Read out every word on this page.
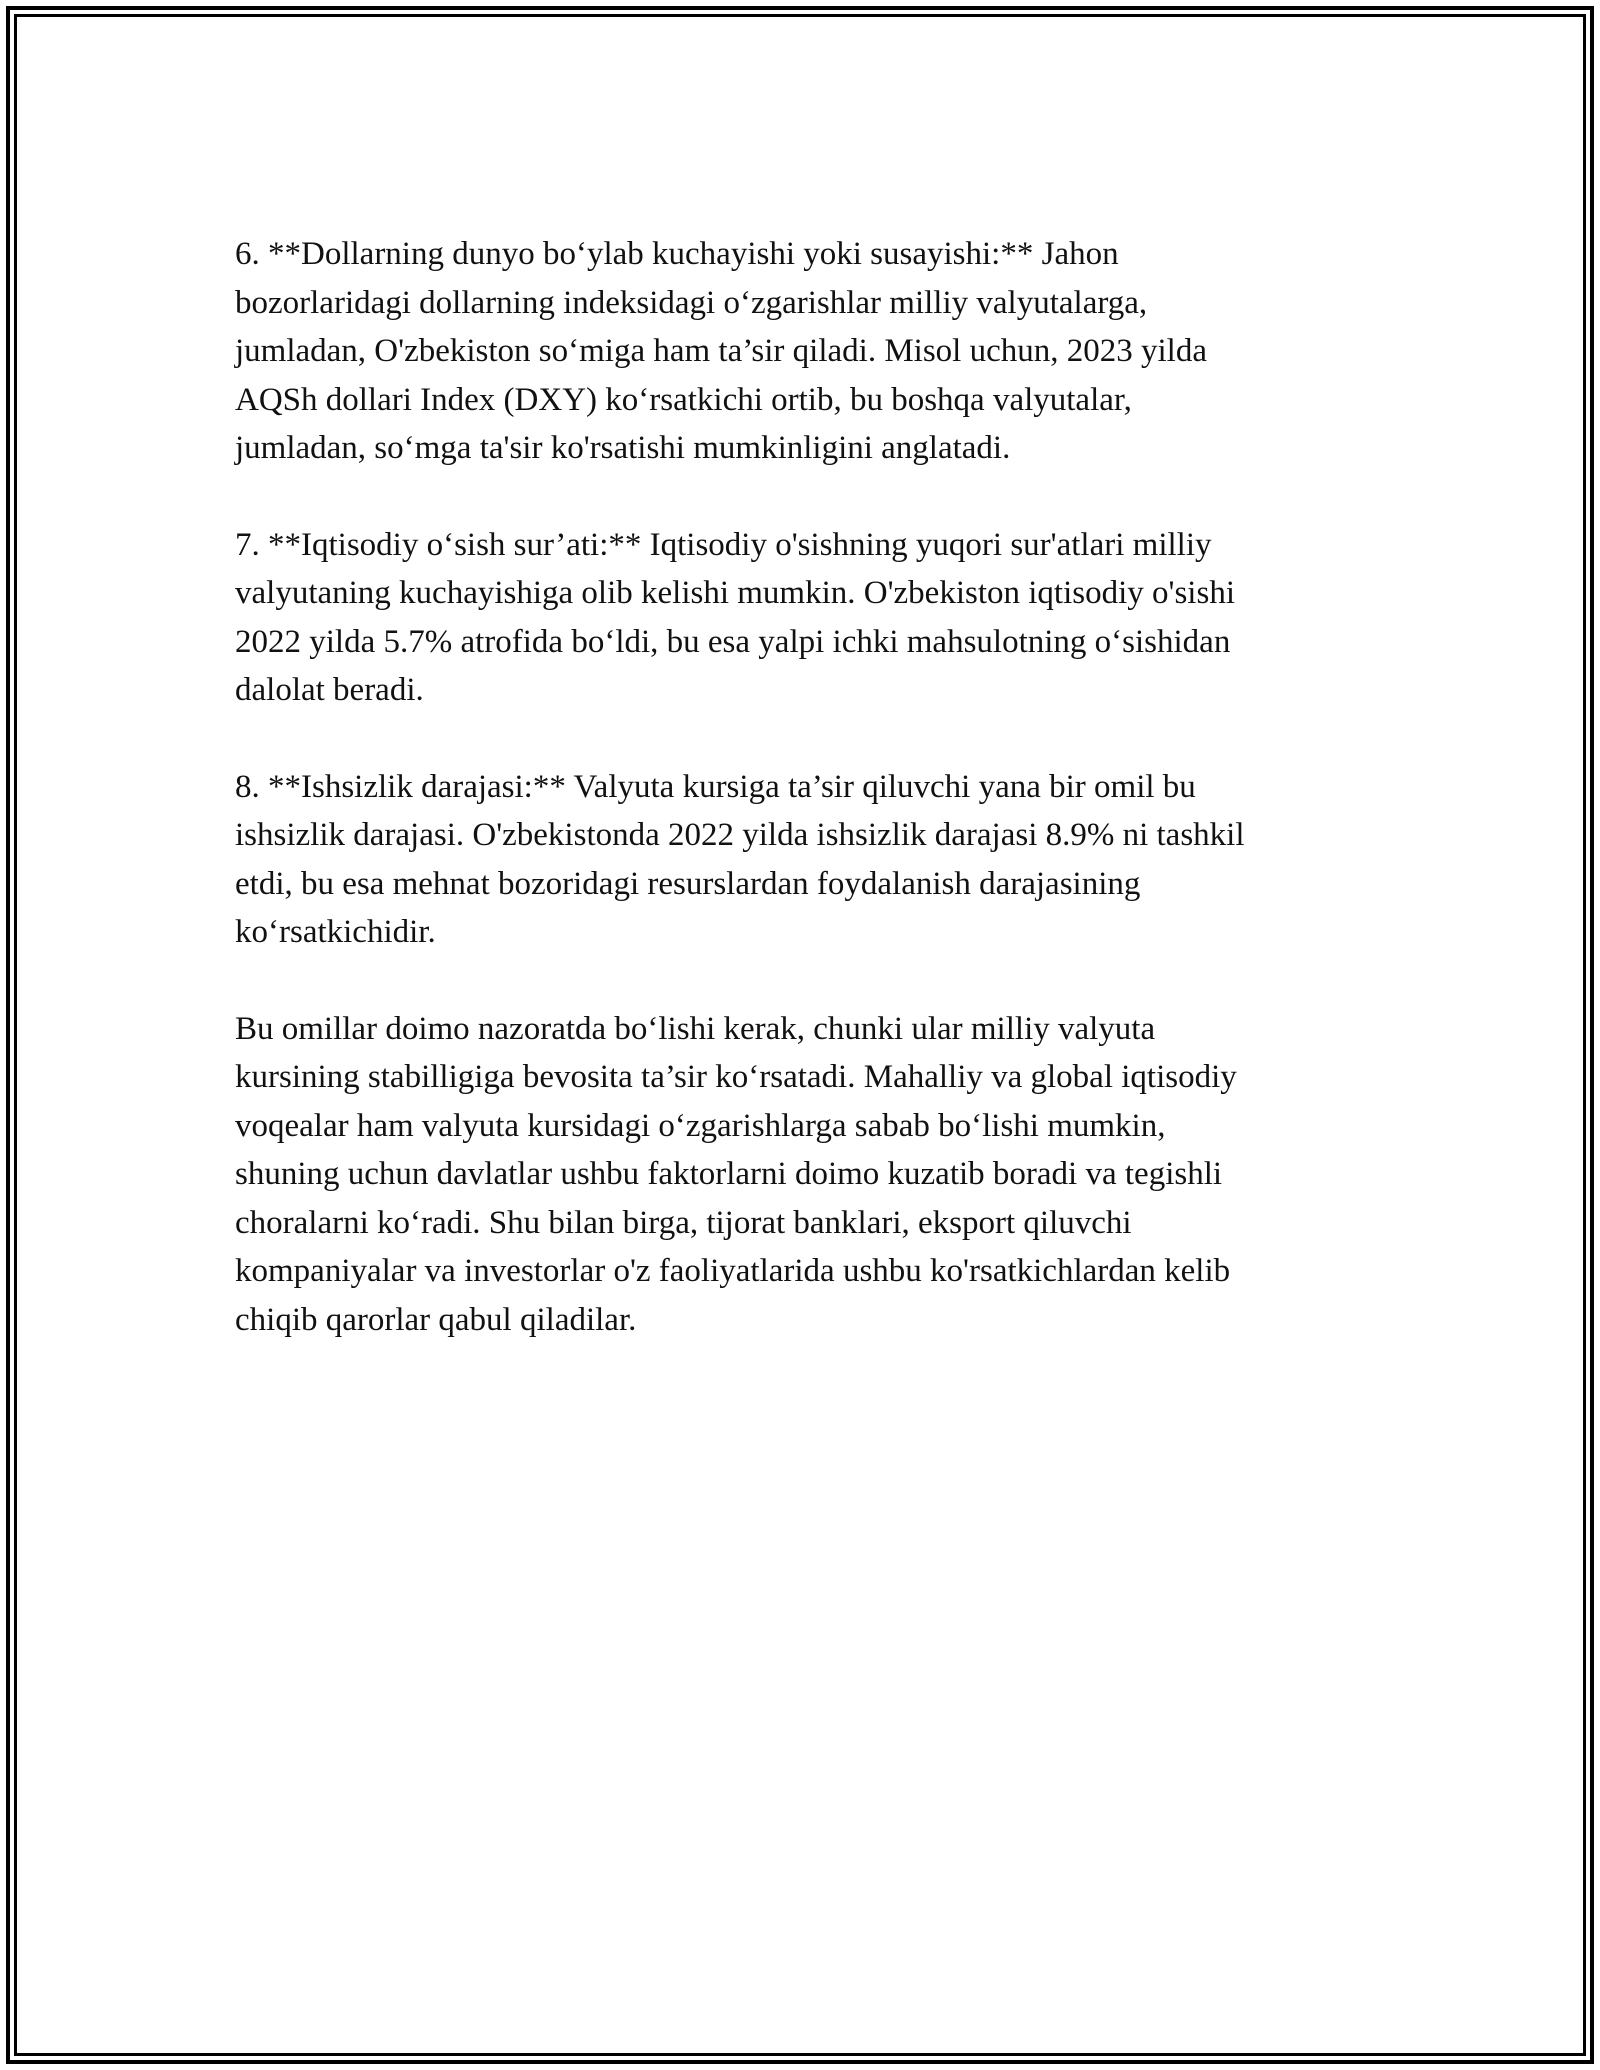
6. **Dollarning dunyo bo‘ylab kuchayishi yoki susayishi:** Jahon
bozorlaridagi dollarning indeksidagi o‘zgarishlar milliy valyutalarga,
jumladan, O'zbekiston so‘miga ham ta’sir qiladi. Misol uchun, 2023 yilda
AQSh dollari Index (DXY) ko‘rsatkichi ortib, bu boshqa valyutalar,
jumladan, so‘mga ta'sir ko'rsatishi mumkinligini anglatadi.

7. **Iqtisodiy o‘sish sur’ati:** Iqtisodiy o'sishning yuqori sur'atlari milliy
valyutaning kuchayishiga olib kelishi mumkin. O'zbekiston iqtisodiy o'sishi
2022 yilda 5.7% atrofida bo‘ldi, bu esa yalpi ichki mahsulotning o‘sishidan
dalolat beradi.

8. **Ishsizlik darajasi:** Valyuta kursiga ta’sir qiluvchi yana bir omil bu
ishsizlik darajasi. O'zbekistonda 2022 yilda ishsizlik darajasi 8.9% ni tashkil
etdi, bu esa mehnat bozoridagi resurslardan foydalanish darajasining
ko‘rsatkichidir.

Bu omillar doimo nazoratda bo‘lishi kerak, chunki ular milliy valyuta
kursining stabilligiga bevosita ta’sir ko‘rsatadi. Mahalliy va global iqtisodiy
voqealar ham valyuta kursidagi o‘zgarishlarga sabab bo‘lishi mumkin,
shuning uchun davlatlar ushbu faktorlarni doimo kuzatib boradi va tegishli
choralarni ko‘radi. Shu bilan birga, tijorat banklari, eksport qiluvchi
kompaniyalar va investorlar o'z faoliyatlarida ushbu ko'rsatkichlardan kelib
chiqib qarorlar qabul qiladilar.
